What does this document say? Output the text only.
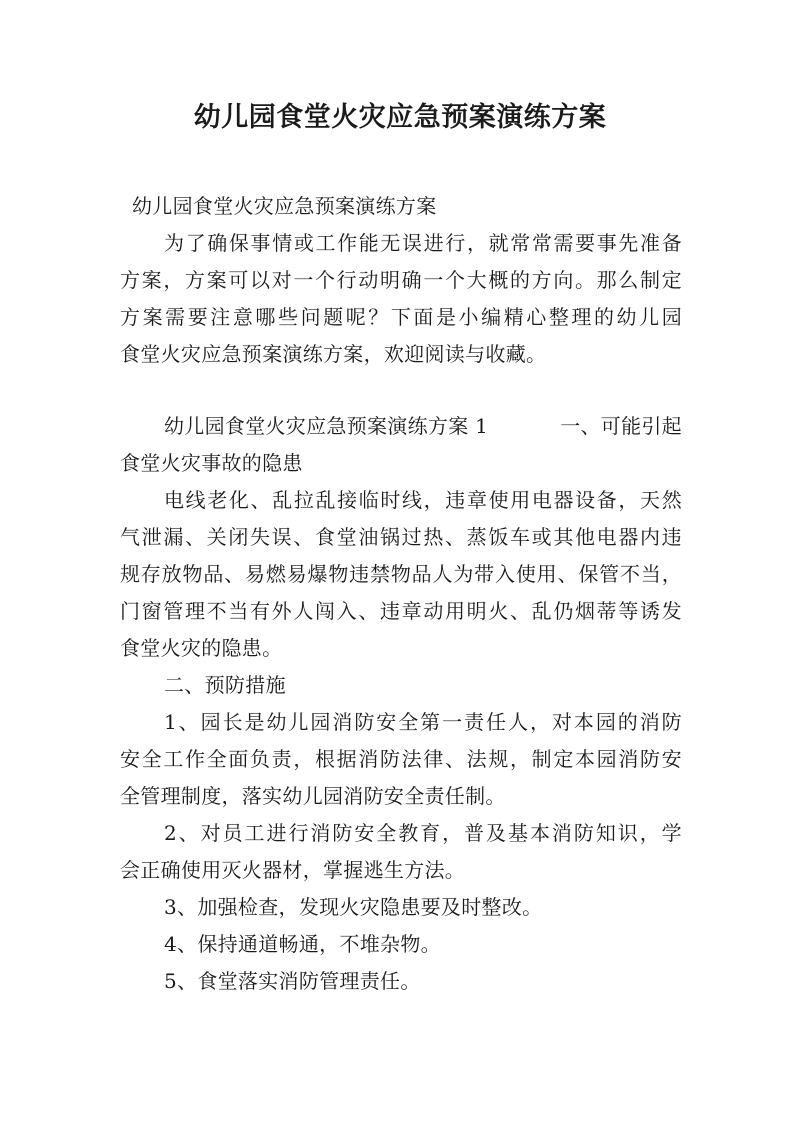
幼儿园食堂火灾应急预案演练方案
幼儿园食堂火灾应急预案演练方案
为了确保事情或工作能无误进行，就常常需要事先准备
方案，方案可以对一个行动明确一个大概的方向。那么制定
方案需要注意哪些问题呢？下面是小编精心整理的幼儿园
食堂火灾应急预案演练方案，欢迎阅读与收藏。
幼儿园食堂火灾应急预案演练方案 1	一、可能引起
食堂火灾事故的隐患
电线老化、乱拉乱接临时线，违章使用电器设备，天然
气泄漏、关闭失误、食堂油锅过热、蒸饭车或其他电器内违
规存放物品、易燃易爆物违禁物品人为带入使用、保管不当，
门窗管理不当有外人闯入、违章动用明火、乱仍烟蒂等诱发
食堂火灾的隐患。
二、预防措施
1、园长是幼儿园消防安全第一责任人，对本园的消防
安全工作全面负责，根据消防法律、法规，制定本园消防安
全管理制度，落实幼儿园消防安全责任制。
2、对员工进行消防安全教育，普及基本消防知识，学
会正确使用灭火器材，掌握逃生方法。
3、加强检查，发现火灾隐患要及时整改。
4、保持通道畅通，不堆杂物。
5、食堂落实消防管理责任。
